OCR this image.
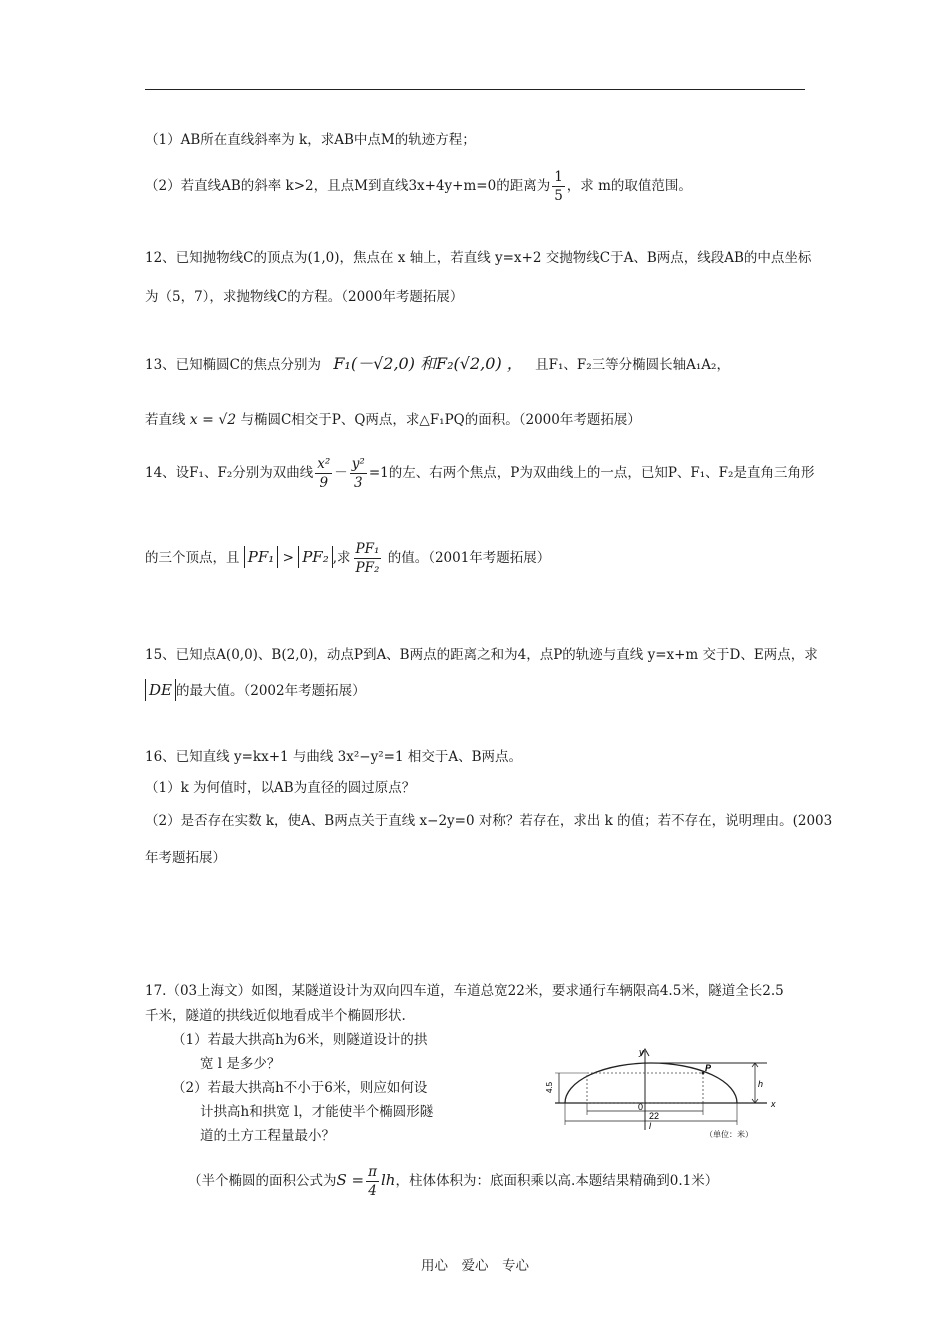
（1）AB所在直线斜率为 k，求AB中点M的轨迹方程；
（2）若直线AB的斜率 k>2，且点M到直线3x+4y+m=0的距离为 $\frac{1}{5}$ ，求 m的取值范围。
12、已知抛物线C的顶点为(1,0)，焦点在 x 轴上，若直线 y=x+2 交抛物线C于A、B两点，线段AB的中点坐标
为（5，7），求抛物线C的方程。（2000年考题拓展）
13、已知椭圆C的焦点分别为 F₁(－√2,0) 和F₂(√2,0) ， 且F₁、F₂三等分椭圆长轴A₁A₂，
若直线 x = √2 与椭圆C相交于P、Q两点，求△F₁PQ的面积。（2000年考题拓展）
14、设F₁、F₂分别为双曲线 $\frac{\text{x²}}{9} - \frac{\text{y²}}{3} =1$的左、右两个焦点，P为双曲线上的一点，已知P、F₁、F₂是直角三角形
的三个顶点，且 PF₁ > PF₂ ,求 $\frac{\text{PF₁}}{\text{PF₂}}$ 的值。（2001年考题拓展）
15、已知点A(0,0)、B(2,0)，动点P到A、B两点的距离之和为4，点P的轨迹与直线 y=x+m 交于D、E两点，求
DE 的最大值。（2002年考题拓展）
16、已知直线 y=kx+1 与曲线 3x²−y²=1 相交于A、B两点。
（1）k 为何值时，以AB为直径的圆过原点？
（2）是否存在实数 k，使A、B两点关于直线 x−2y=0 对称？若存在，求出 k 的值；若不存在，说明理由。(2003
年考题拓展）
17.（03上海文）如图，某隧道设计为双向四车道，车道总宽22米，要求通行车辆限高4.5米，隧道全长2.5
千米，隧道的拱线近似地看成半个椭圆形状.
（1）若最大拱高h为6米，则隧道设计的拱
宽 l 是多少？
（2）若最大拱高h不小于6米，则应如何设
计拱高h和拱宽 l，才能使半个椭圆形隧
道的土方工程量最小？
（半个椭圆的面积公式为$S = \frac{\pi}{4}$ lh，柱体体积为：底面积乘以高.本题结果精确到0.1米）
y
x
P
h
4.5
0
22
l
（单位：米）
用心　爱心　专心
